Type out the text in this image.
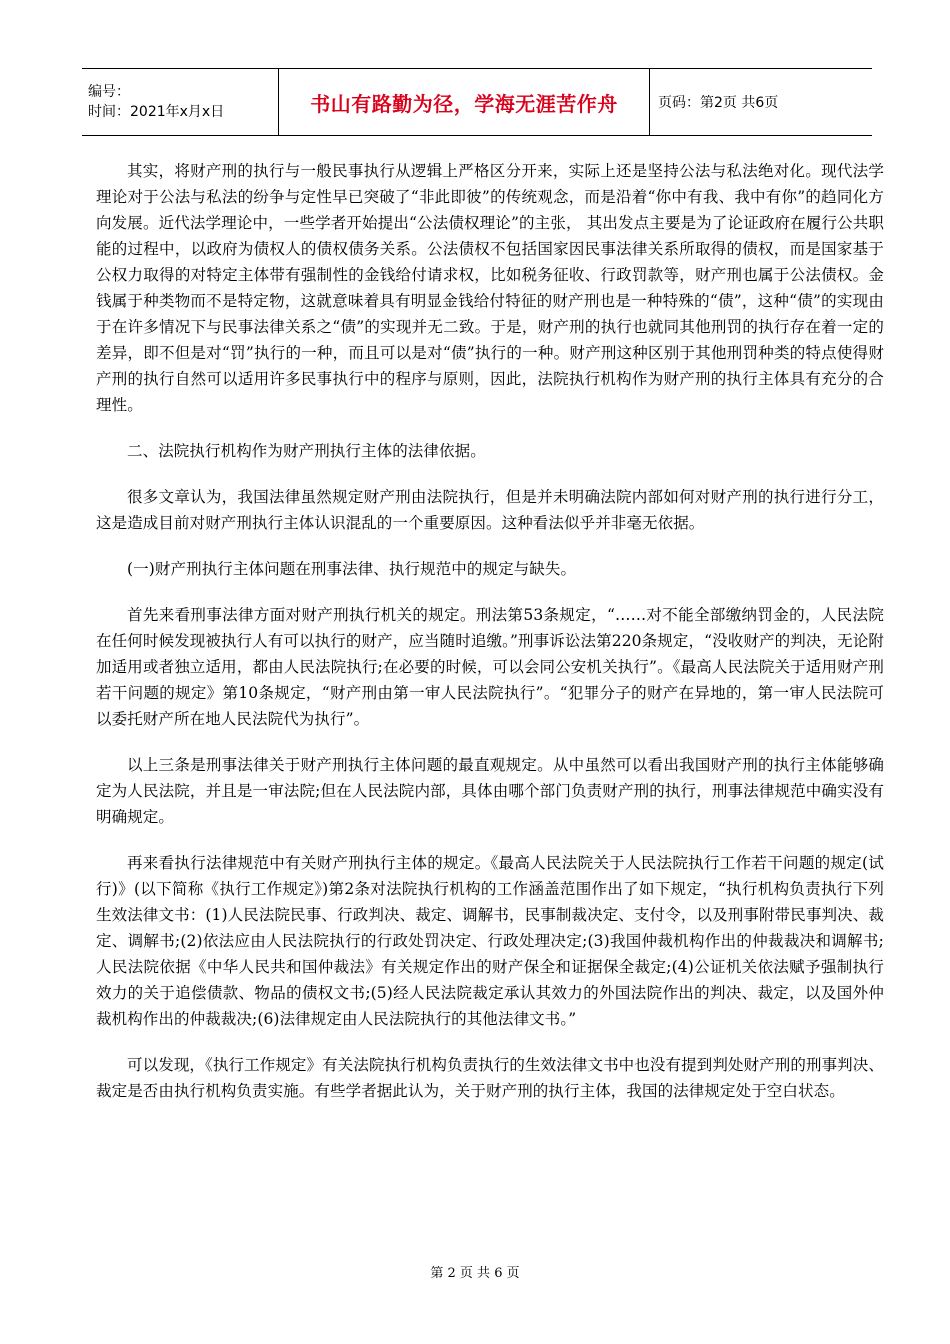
编号：
时间：2021年x月x日	书山有路勤为径，学海无涯苦作舟	页码：第2页 共6页

其实，将财产刑的执行与一般民事执行从逻辑上严格区分开来，实际上还是坚持公法与私法绝对化。现代法学理论对于公法与私法的纷争与定性早已突破了“非此即彼”的传统观念，而是沿着“你中有我、我中有你”的趋同化方向发展。近代法学理论中，一些学者开始提出“公法债权理论”的主张， 其出发点主要是为了论证政府在履行公共职能的过程中，以政府为债权人的债权债务关系。公法债权不包括国家因民事法律关系所取得的债权，而是国家基于公权力取得的对特定主体带有强制性的金钱给付请求权，比如税务征收、行政罚款等，财产刑也属于公法债权。金钱属于种类物而不是特定物，这就意味着具有明显金钱给付特征的财产刑也是一种特殊的“债”，这种“债”的实现由于在许多情况下与民事法律关系之“债”的实现并无二致。于是，财产刑的执行也就同其他刑罚的执行存在着一定的差异，即不但是对“罚”执行的一种，而且可以是对“债”执行的一种。财产刑这种区别于其他刑罚种类的特点使得财产刑的执行自然可以适用许多民事执行中的程序与原则，因此，法院执行机构作为财产刑的执行主体具有充分的合理性。

二、法院执行机构作为财产刑执行主体的法律依据。

很多文章认为，我国法律虽然规定财产刑由法院执行，但是并未明确法院内部如何对财产刑的执行进行分工，这是造成目前对财产刑执行主体认识混乱的一个重要原因。这种看法似乎并非毫无依据。

(一)财产刑执行主体问题在刑事法律、执行规范中的规定与缺失。

首先来看刑事法律方面对财产刑执行机关的规定。刑法第53条规定，“……对不能全部缴纳罚金的，人民法院在任何时候发现被执行人有可以执行的财产，应当随时追缴。”刑事诉讼法第220条规定，“没收财产的判决，无论附加适用或者独立适用，都由人民法院执行;在必要的时候，可以会同公安机关执行”。《最高人民法院关于适用财产刑若干问题的规定》第10条规定，“财产刑由第一审人民法院执行”。“犯罪分子的财产在异地的，第一审人民法院可以委托财产所在地人民法院代为执行”。

以上三条是刑事法律关于财产刑执行主体问题的最直观规定。从中虽然可以看出我国财产刑的执行主体能够确定为人民法院，并且是一审法院;但在人民法院内部，具体由哪个部门负责财产刑的执行，刑事法律规范中确实没有明确规定。

再来看执行法律规范中有关财产刑执行主体的规定。《最高人民法院关于人民法院执行工作若干问题的规定(试行)》(以下简称《执行工作规定》)第2条对法院执行机构的工作涵盖范围作出了如下规定，“执行机构负责执行下列生效法律文书：(1)人民法院民事、行政判决、裁定、调解书，民事制裁决定、支付令，以及刑事附带民事判决、裁定、调解书;(2)依法应由人民法院执行的行政处罚决定、行政处理决定;(3)我国仲裁机构作出的仲裁裁决和调解书;人民法院依据《中华人民共和国仲裁法》有关规定作出的财产保全和证据保全裁定;(4)公证机关依法赋予强制执行效力的关于追偿债款、物品的债权文书;(5)经人民法院裁定承认其效力的外国法院作出的判决、裁定，以及国外仲裁机构作出的仲裁裁决;(6)法律规定由人民法院执行的其他法律文书。”

可以发现，《执行工作规定》有关法院执行机构负责执行的生效法律文书中也没有提到判处财产刑的刑事判决、裁定是否由执行机构负责实施。有些学者据此认为，关于财产刑的执行主体，我国的法律规定处于空白状态。

第 2 页 共 6 页
